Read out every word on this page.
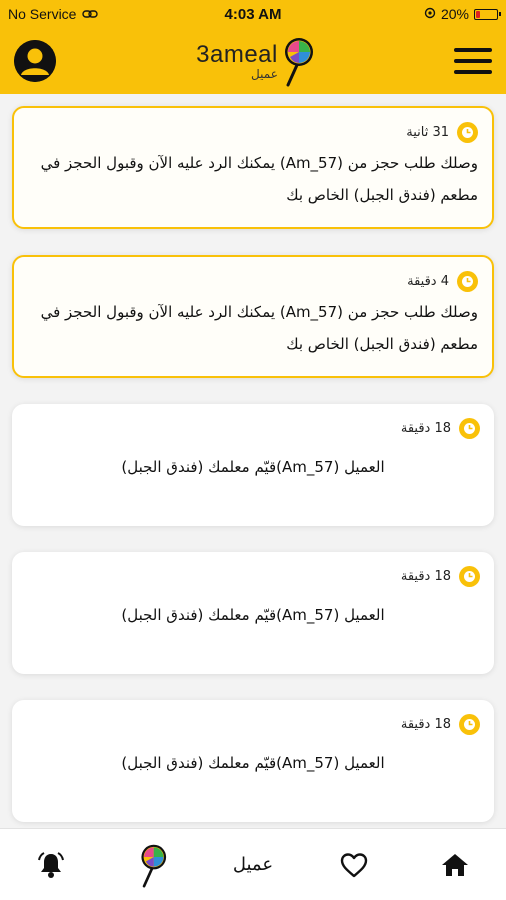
No Service	4:03 AM	20%
3ameal
عميل
31 ثانية
وصلك طلب حجز من (Am_57) يمكنك الرد عليه الآن وقبول الحجز في مطعم (فندق الجبل) الخاص بك
4 دقيقة
وصلك طلب حجز من (Am_57) يمكنك الرد عليه الآن وقبول الحجز في مطعم (فندق الجبل) الخاص بك
18 دقيقة
العميل (Am_57)قيّم معلمك (فندق الجبل)
18 دقيقة
العميل (Am_57)قيّم معلمك (فندق الجبل)
18 دقيقة
العميل (Am_57)قيّم معلمك (فندق الجبل)
عميل
